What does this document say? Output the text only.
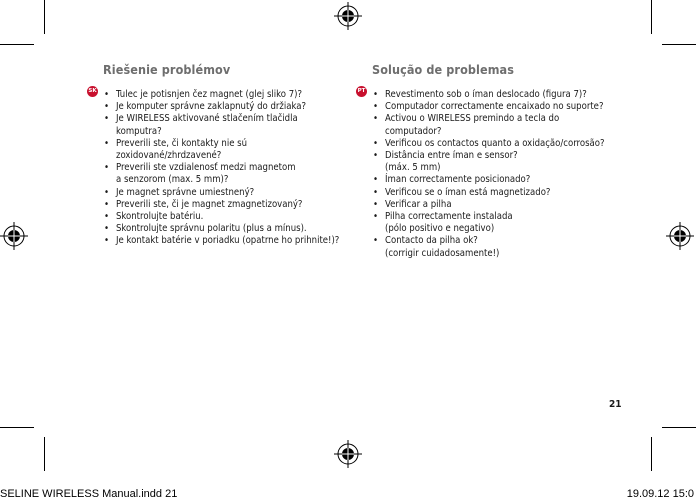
Riešenie problémov
• Tulec je potisnjen čez magnet (glej sliko 7)?
• Je komputer správne zaklapnutý do držiaka?
• Je WIRELESS aktivované stlačením tlačidla
komputra?
• Preverili ste, či kontakty nie sú
zoxidované/zhrdzavené?
• Preverili ste vzdialenosť medzi magnetom
a senzorom (max. 5 mm)?
• Je magnet správne umiestnený?
• Preverili ste, či je magnet zmagnetizovaný?
• Skontrolujte batériu.
• Skontrolujte správnu polaritu (plus a mínus).
• Je kontakt batérie v poriadku (opatrne ho prihnite!)?
SK
Solução de problemas
• Revestimento sob o íman deslocado (figura 7)?
• Computador correctamente encaixado no suporte?
• Activou o WIRELESS premindo a tecla do
computador?
• Verificou os contactos quanto a oxidação/corrosão?
• Distância entre íman e sensor?
(máx. 5 mm)
• Íman correctamente posicionado?
• Verificou se o íman está magnetizado?
• Verificar a pilha
• Pilha correctamente instalada
(pólo positivo e negativo)
• Contacto da pilha ok?
(corrigir cuidadosamente!)
PT
21
SELINE WIRELESS Manual.indd 21	19.09.12 15:0
